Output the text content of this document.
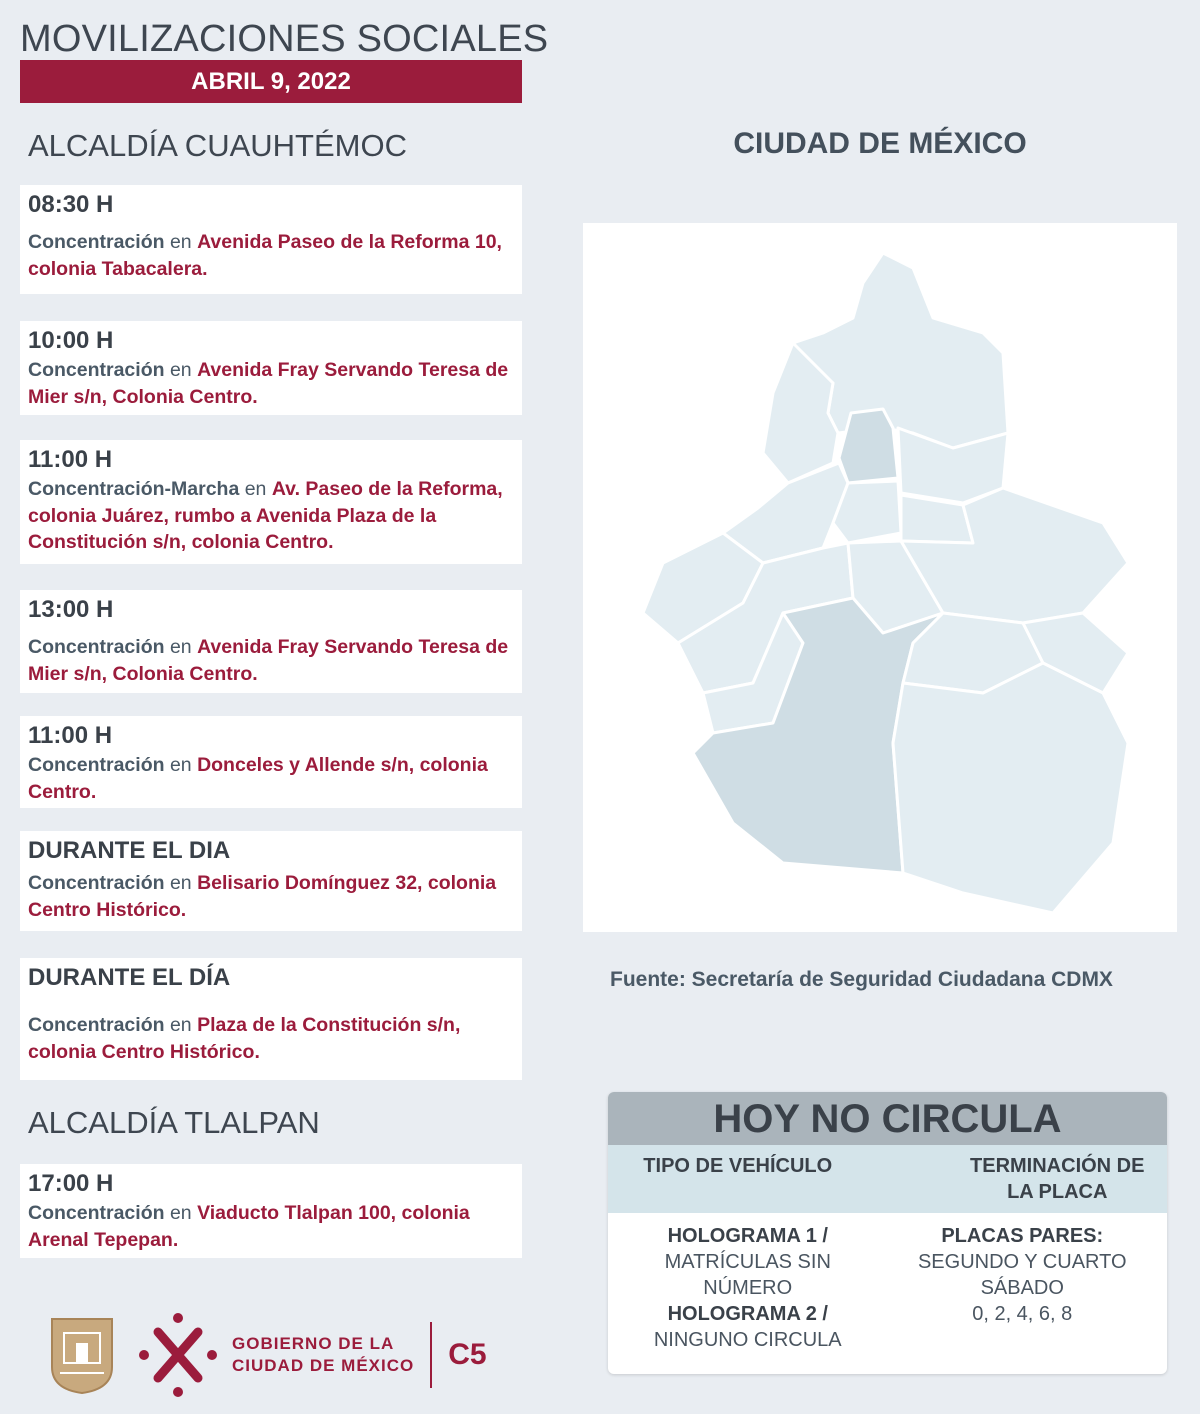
MOVILIZACIONES SOCIALES
ABRIL 9, 2022
ALCALDÍA CUAUHTÉMOC
08:30 H
Concentración en Avenida Paseo de la Reforma 10, colonia Tabacalera.
10:00 H
Concentración en Avenida Fray Servando Teresa de Mier s/n, Colonia Centro.
11:00 H
Concentración-Marcha en Av. Paseo de la Reforma, colonia Juárez, rumbo a Avenida Plaza de la Constitución s/n, colonia Centro.
13:00 H
Concentración en Avenida Fray Servando Teresa de Mier s/n, Colonia Centro.
11:00 H
Concentración en Donceles y Allende s/n, colonia Centro.
DURANTE EL DIA
Concentración en Belisario Domínguez 32, colonia Centro Histórico.
DURANTE EL DÍA
Concentración en Plaza de la Constitución s/n, colonia Centro Histórico.
ALCALDÍA TLALPAN
17:00 H
Concentración en Viaducto Tlalpan 100, colonia Arenal Tepepan.
CIUDAD DE MÉXICO
Fuente: Secretaría de Seguridad Ciudadana CDMX
HOY NO CIRCULA
TIPO DE VEHÍCULO	TERMINACIÓN DE LA PLACA
HOLOGRAMA 1 /
MATRÍCULAS SIN NÚMERO
HOLOGRAMA 2 /
NINGUNO CIRCULA
PLACAS PARES: SEGUNDO Y CUARTO SÁBADO
0, 2, 4, 6, 8
GOBIERNO DE LA
CIUDAD DE MÉXICO C5
